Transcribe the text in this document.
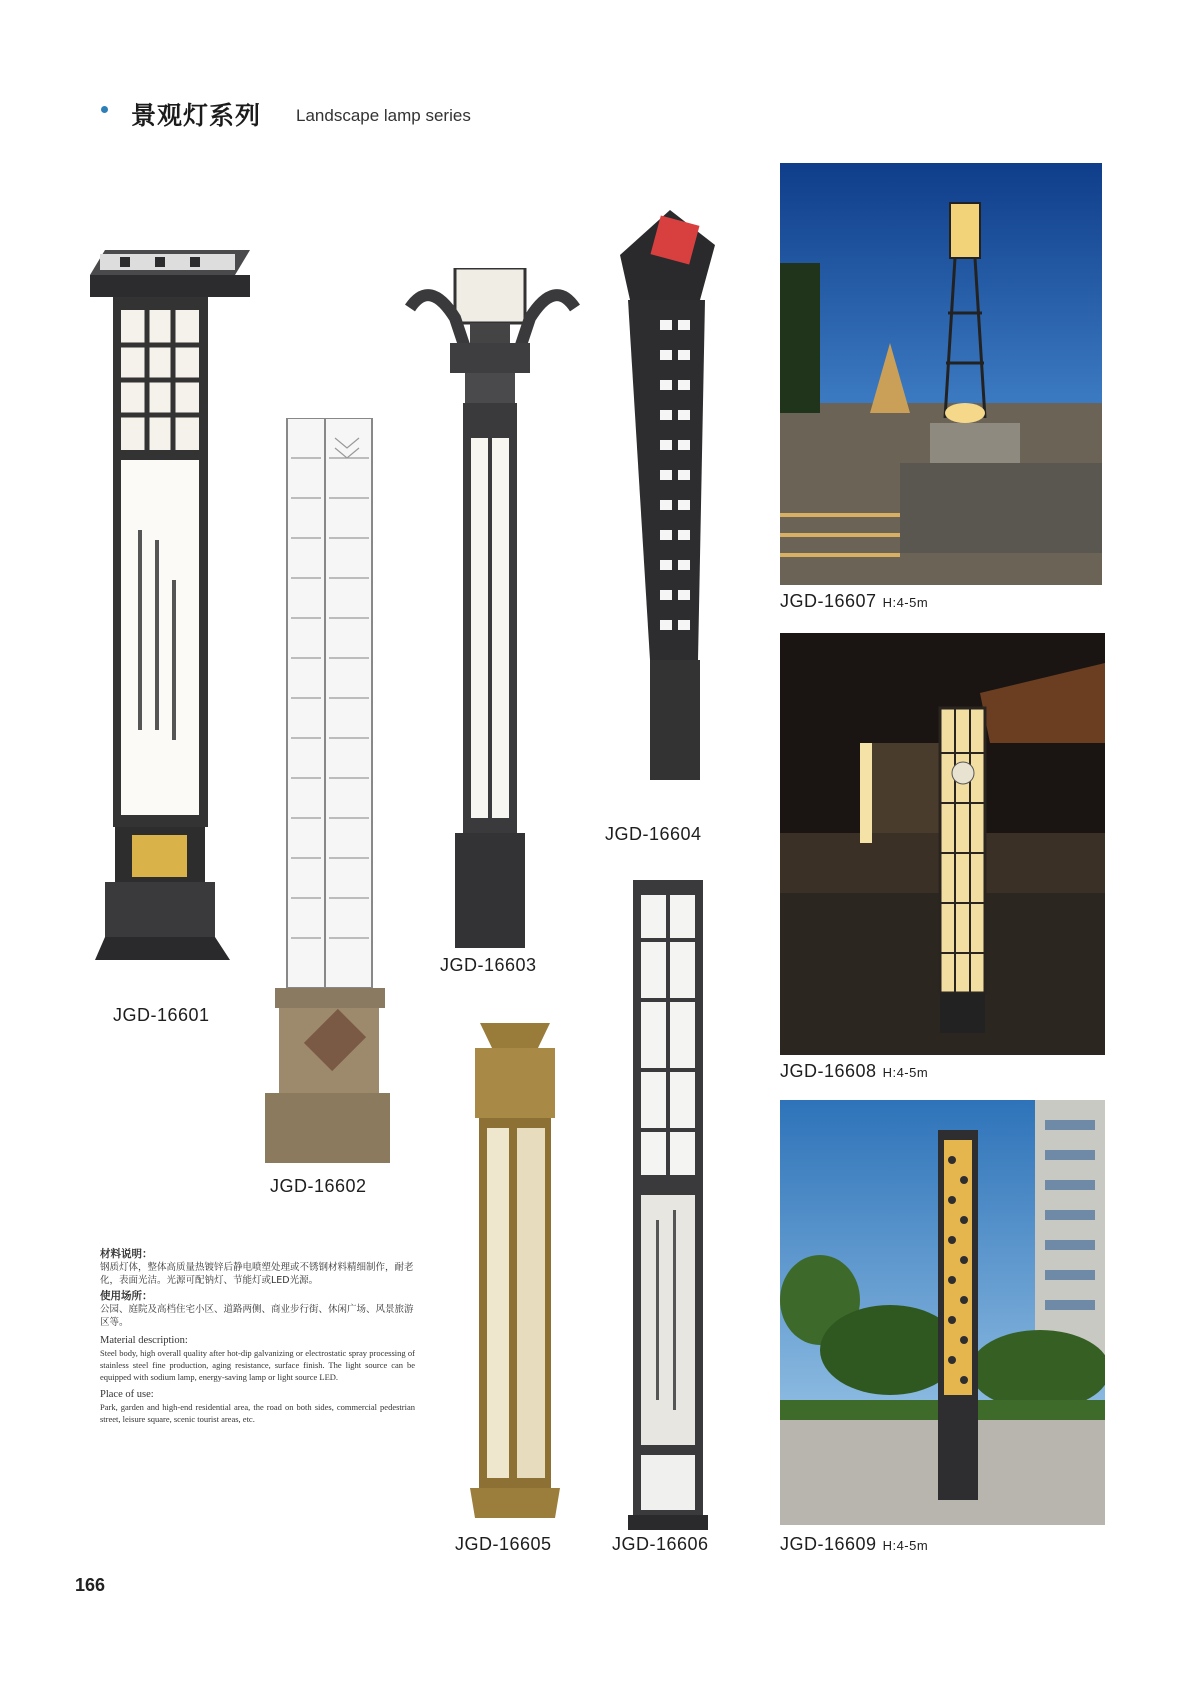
景观灯系列 Landscape lamp series
JGD-16601
JGD-16602
JGD-16603
JGD-16604
JGD-16605	JGD-16606
JGD-16607 H:4-5m
JGD-16608 H:4-5m
JGD-16609 H:4-5m
材料说明：
钢质灯体，整体高质量热镀锌后静电喷塑处理或不锈钢材料精细制作，耐老化，表面光洁。光源可配钠灯、节能灯或LED光源。
使用场所：
公园、庭院及高档住宅小区、道路两侧、商业步行街、休闲广场、风景旅游区等。
Material description:
Steel body, high overall quality after hot-dip galvanizing or electrostatic spray processing of stainless steel fine production, aging resistance, surface finish. The light source can be equipped with sodium lamp, energy-saving lamp or light source LED.
Place of use:
Park, garden and high-end residential area, the road on both sides, commercial pedestrian street, leisure square, scenic tourist areas, etc.
166
